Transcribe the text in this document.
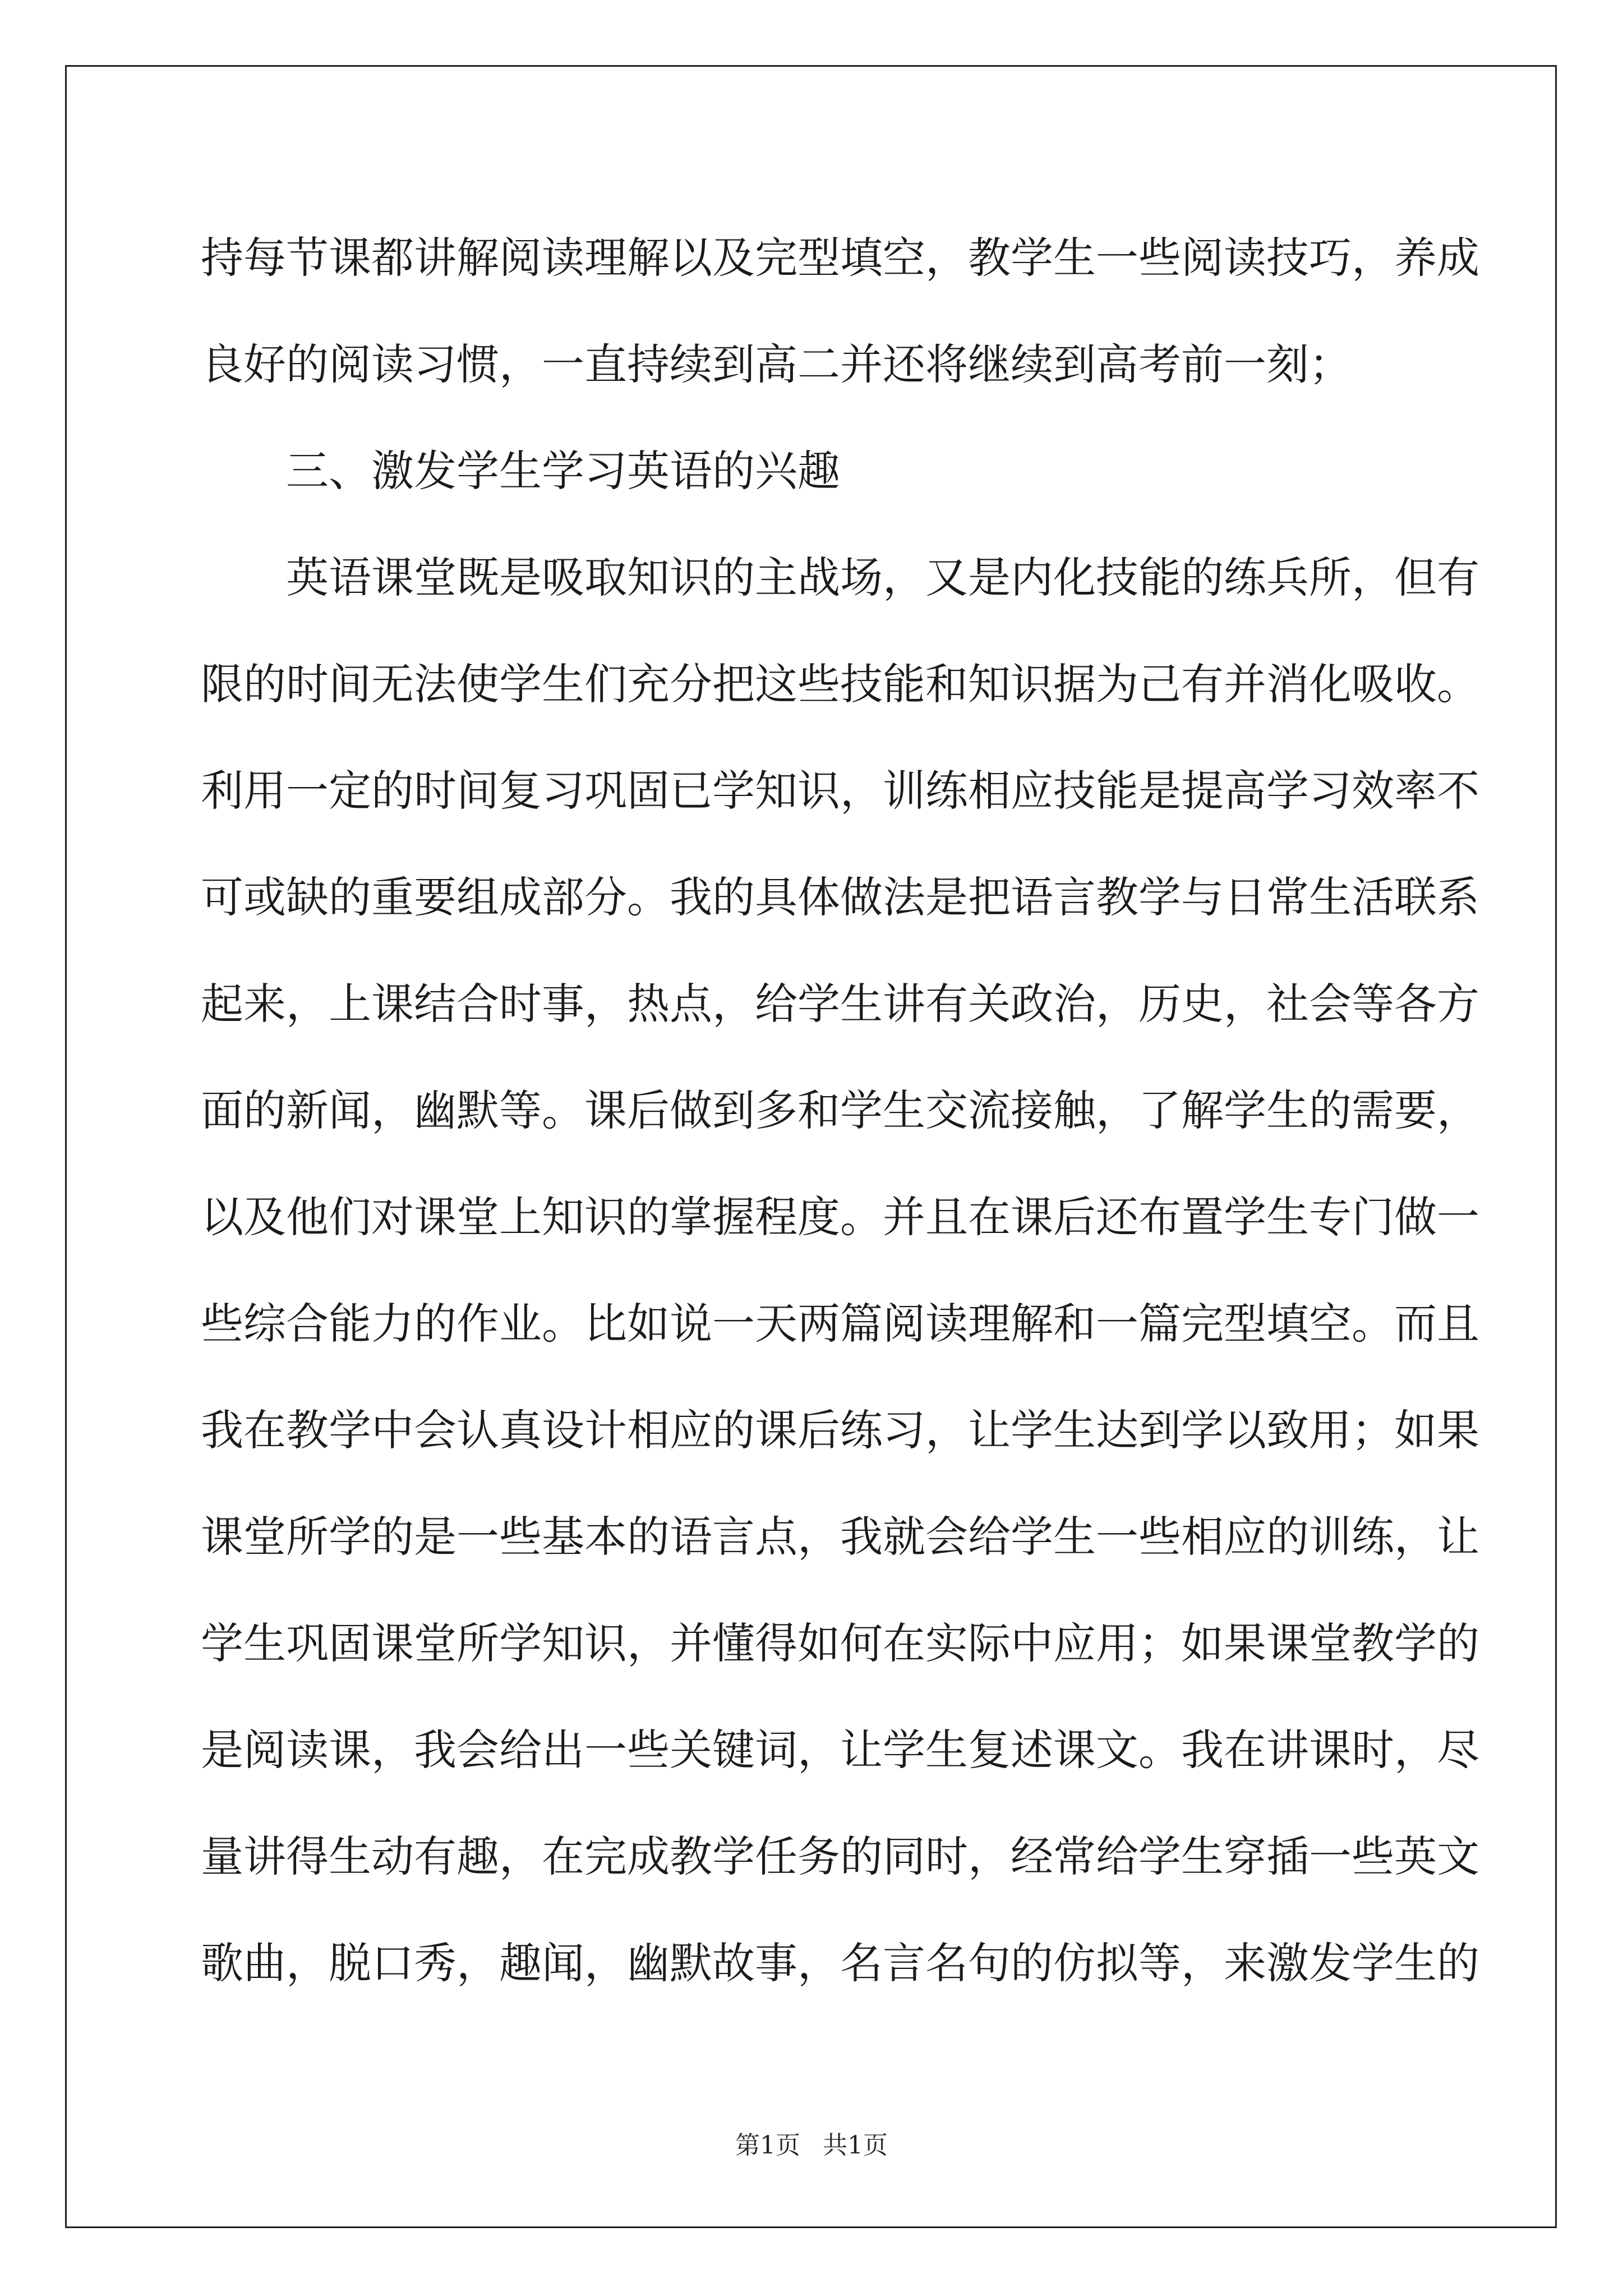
持每节课都讲解阅读理解以及完型填空，教学生一些阅读技巧，养成
良好的阅读习惯，一直持续到高二并还将继续到高考前一刻；
三、激发学生学习英语的兴趣
英语课堂既是吸取知识的主战场，又是内化技能的练兵所，但有
限的时间无法使学生们充分把这些技能和知识据为己有并消化吸收。
利用一定的时间复习巩固已学知识，训练相应技能是提高学习效率不
可或缺的重要组成部分。我的具体做法是把语言教学与日常生活联系
起来，上课结合时事，热点，给学生讲有关政治，历史，社会等各方
面的新闻，幽默等。课后做到多和学生交流接触，了解学生的需要，
以及他们对课堂上知识的掌握程度。并且在课后还布置学生专门做一
些综合能力的作业。比如说一天两篇阅读理解和一篇完型填空。而且
我在教学中会认真设计相应的课后练习，让学生达到学以致用；如果
课堂所学的是一些基本的语言点，我就会给学生一些相应的训练，让
学生巩固课堂所学知识，并懂得如何在实际中应用；如果课堂教学的
是阅读课，我会给出一些关键词，让学生复述课文。我在讲课时，尽
量讲得生动有趣，在完成教学任务的同时，经常给学生穿插一些英文
歌曲，脱口秀，趣闻，幽默故事，名言名句的仿拟等，来激发学生的
第1页 共1页
